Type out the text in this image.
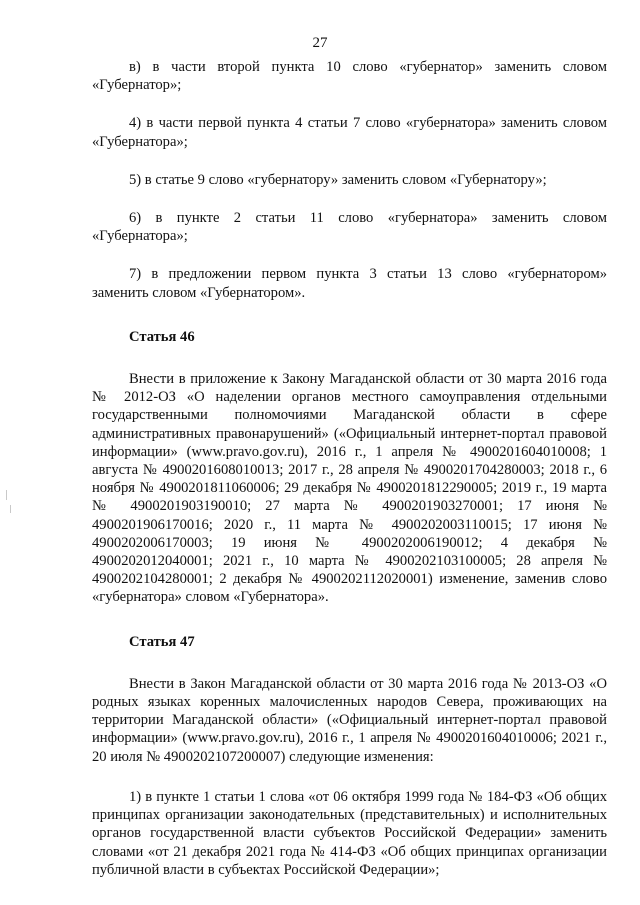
27

в) в части второй пункта 10 слово «губернатор» заменить словом «Губернатор»;

4) в части первой пункта 4 статьи 7 слово «губернатора» заменить словом «Губернатора»;

5) в статье 9 слово «губернатору» заменить словом «Губернатору»;

6) в пункте 2 статьи 11 слово «губернатора» заменить словом «Губернатора»;

7) в предложении первом пункта 3 статьи 13 слово «губернатором» заменить словом «Губернатором».

Статья 46

Внести в приложение к Закону Магаданской области от 30 марта 2016 года № 2012-ОЗ «О наделении органов местного самоуправления отдельными государственными полномочиями Магаданской области в сфере административных правонарушений» («Официальный интернет-портал правовой информации» (www.pravo.gov.ru), 2016 г., 1 апреля № 4900201604010008; 1 августа № 4900201608010013; 2017 г., 28 апреля № 4900201704280003; 2018 г., 6 ноября № 4900201811060006; 29 декабря № 4900201812290005; 2019 г., 19 марта № 4900201903190010; 27 марта № 4900201903270001; 17 июня № 4900201906170016; 2020 г., 11 марта № 4900202003110015; 17 июня № 4900202006170003; 19 июня № 4900202006190012; 4 декабря № 4900202012040001; 2021 г., 10 марта № 4900202103100005; 28 апреля № 4900202104280001; 2 декабря № 4900202112020001) изменение, заменив слово «губернатора» словом «Губернатора».

Статья 47

Внести в Закон Магаданской области от 30 марта 2016 года № 2013-ОЗ «О родных языках коренных малочисленных народов Севера, проживающих на территории Магаданской области» («Официальный интернет-портал правовой информации» (www.pravo.gov.ru), 2016 г., 1 апреля № 4900201604010006; 2021 г., 20 июля № 4900202107200007) следующие изменения:

1) в пункте 1 статьи 1 слова «от 06 октября 1999 года № 184-ФЗ «Об общих принципах организации законодательных (представительных) и исполнительных органов государственной власти субъектов Российской Федерации» заменить словами «от 21 декабря 2021 года № 414-ФЗ «Об общих принципах организации публичной власти в субъектах Российской Федерации»;
